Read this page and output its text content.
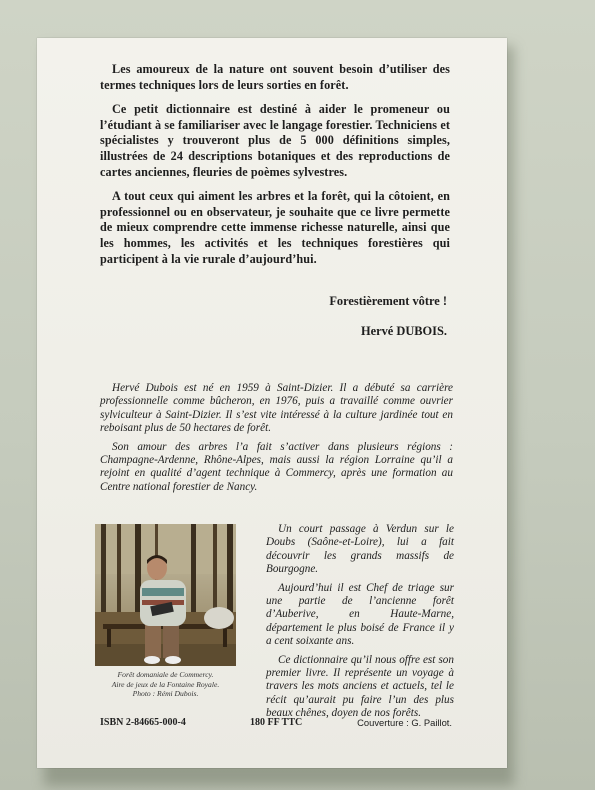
Les amoureux de la nature ont souvent besoin d’utiliser des termes techniques lors de leurs sorties en forêt.

Ce petit dictionnaire est destiné à aider le promeneur ou l’étudiant à se familiariser avec le langage forestier. Techniciens et spécialistes y trouveront plus de 5 000 définitions simples, illustrées de 24 descriptions botaniques et des reproductions de cartes anciennes, fleuries de poèmes sylvestres.

A tout ceux qui aiment les arbres et la forêt, qui la côtoient, en professionnel ou en observateur, je souhaite que ce livre permette de mieux comprendre cette immense richesse naturelle, ainsi que les hommes, les activités et les techniques forestières qui participent à la vie rurale d’aujourd’hui.

Forestièrement vôtre !
Hervé DUBOIS.

Hervé Dubois est né en 1959 à Saint-Dizier. Il a débuté sa carrière professionnelle comme bûcheron, en 1976, puis a travaillé comme ouvrier sylviculteur à Saint-Dizier. Il s’est vite intéressé à la culture jardinée tout en reboisant plus de 50 hectares de forêt.

Son amour des arbres l’a fait s’activer dans plusieurs régions : Champagne-Ardenne, Rhône-Alpes, mais aussi la région Lorraine qu’il a rejoint en qualité d’agent technique à Commercy, après une formation au Centre national forestier de Nancy.

Forêt domaniale de Commercy.
Aire de jeux de la Fontaine Royale.
Photo : Rémi Dubois.

Un court passage à Verdun sur le Doubs (Saône-et-Loire), lui a fait découvrir les grands massifs de Bourgogne.

Aujourd’hui il est Chef de triage sur une partie de l’ancienne forêt d’Auberive, en Haute-Marne, département le plus boisé de France il y a cent soixante ans.

Ce dictionnaire qu’il nous offre est son premier livre. Il représente un voyage à travers les mots anciens et actuels, tel le récit qu’aurait pu faire l’un des plus beaux chênes, doyen de nos forêts.

ISBN 2-84665-000-4	180 FF TTC	Couverture : G. Paillot.
